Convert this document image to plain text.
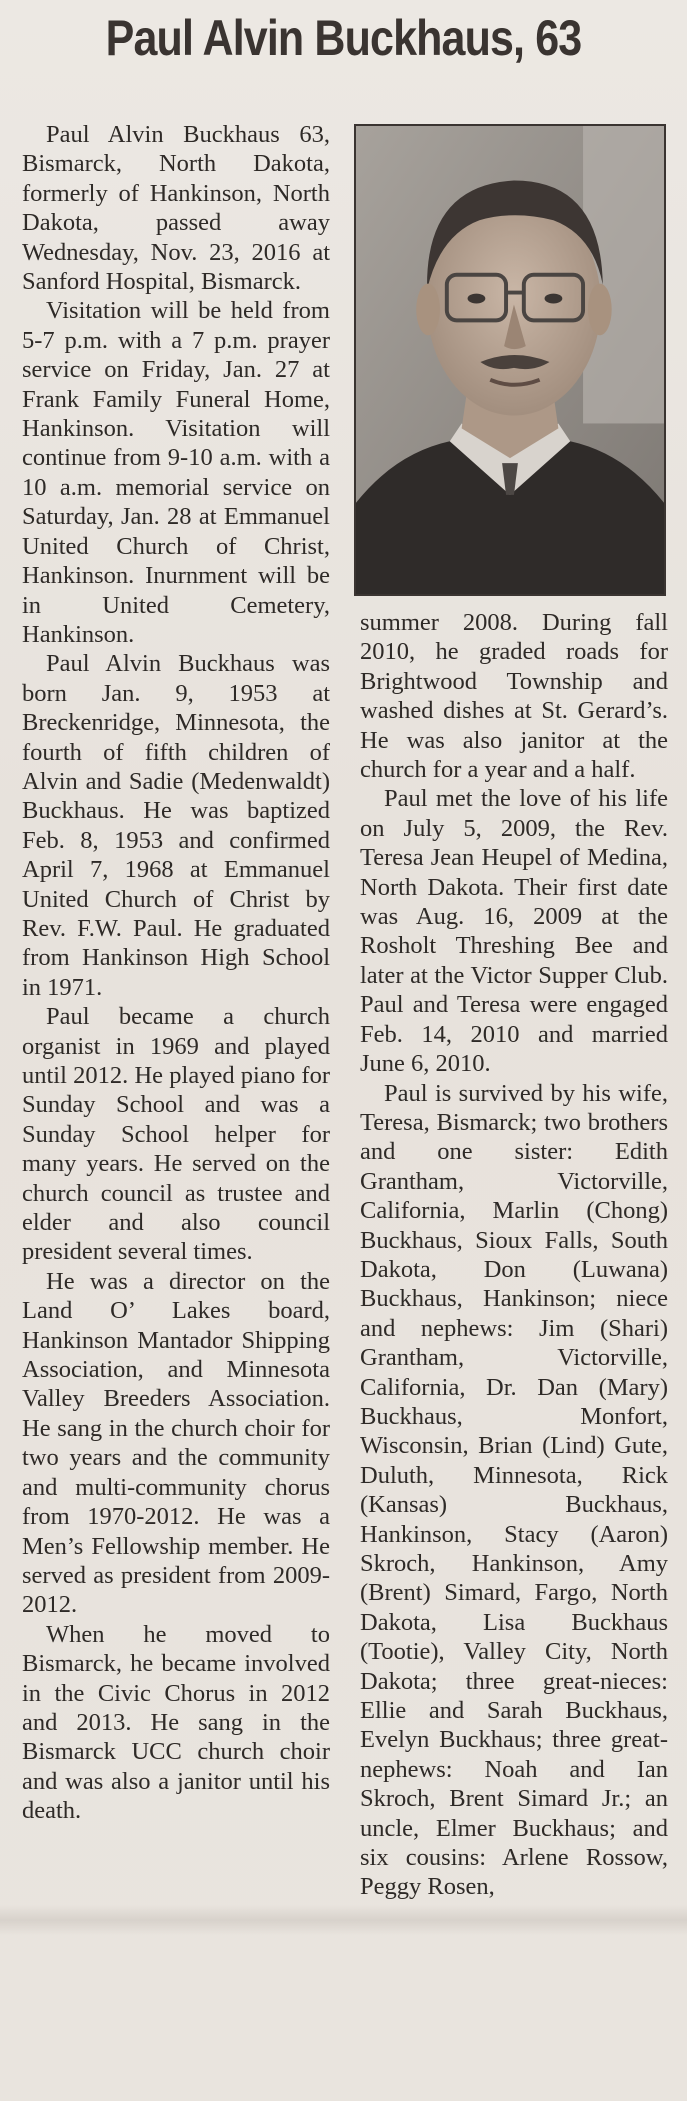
Paul Alvin Buckhaus, 63

Paul Alvin Buckhaus 63, Bismarck, North Dakota, formerly of Hankinson, North Dakota, passed away Wednesday, Nov. 23, 2016 at Sanford Hospital, Bismarck.

Visitation will be held from 5-7 p.m. with a 7 p.m. prayer service on Friday, Jan. 27 at Frank Family Funeral Home, Hankinson. Visitation will continue from 9-10 a.m. with a 10 a.m. memorial service on Saturday, Jan. 28 at Emmanuel United Church of Christ, Hankinson. Inurnment will be in United Cemetery, Hankinson.

Paul Alvin Buckhaus was born Jan. 9, 1953 at Breckenridge, Minnesota, the fourth of fifth children of Alvin and Sadie (Medenwaldt) Buckhaus. He was baptized Feb. 8, 1953 and confirmed April 7, 1968 at Emmanuel United Church of Christ by Rev. F.W. Paul. He graduated from Hankinson High School in 1971.

Paul became a church organist in 1969 and played until 2012. He played piano for Sunday School and was a Sunday School helper for many years. He served on the church council as trustee and elder and also council president several times.

He was a director on the Land O’ Lakes board, Hankinson Mantador Shipping Association, and Minnesota Valley Breeders Association. He sang in the church choir for two years and the community and multi-community chorus from 1970-2012. He was a Men’s Fellowship member. He served as president from 2009-2012.

When he moved to Bismarck, he became involved in the Civic Chorus in 2012 and 2013. He sang in the Bismarck UCC church choir and was also a janitor until his death.

summer 2008. During fall 2010, he graded roads for Brightwood Township and washed dishes at St. Gerard’s. He was also janitor at the church for a year and a half.

Paul met the love of his life on July 5, 2009, the Rev. Teresa Jean Heupel of Medina, North Dakota. Their first date was Aug. 16, 2009 at the Rosholt Threshing Bee and later at the Victor Supper Club. Paul and Teresa were engaged Feb. 14, 2010 and married June 6, 2010.

Paul is survived by his wife, Teresa, Bismarck; two brothers and one sister: Edith Grantham, Victorville, California, Marlin (Chong) Buckhaus, Sioux Falls, South Dakota, Don (Luwana) Buckhaus, Hankinson; niece and nephews: Jim (Shari) Grantham, Victorville, California, Dr. Dan (Mary) Buckhaus, Monfort, Wisconsin, Brian (Lind) Gute, Duluth, Minnesota, Rick (Kansas) Buckhaus, Hankinson, Stacy (Aaron) Skroch, Hankinson, Amy (Brent) Simard, Fargo, North Dakota, Lisa Buckhaus (Tootie), Valley City, North Dakota; three great-nieces: Ellie and Sarah Buckhaus, Evelyn Buckhaus; three great-nephews: Noah and Ian Skroch, Brent Simard Jr.; an uncle, Elmer Buckhaus; and six cousins: Arlene Rossow, Peggy Rosen,
